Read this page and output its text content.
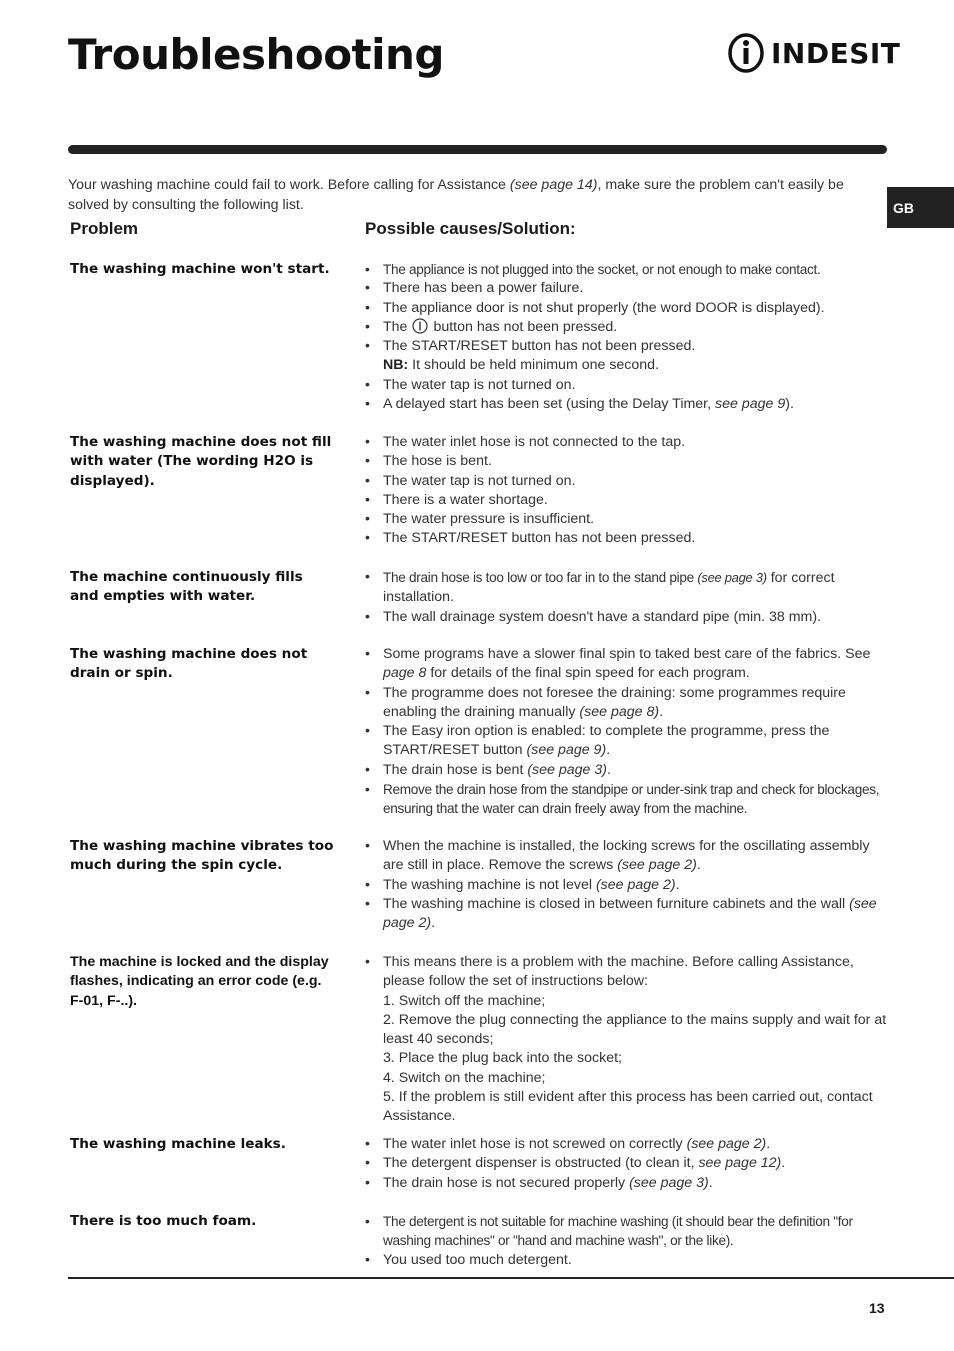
Troubleshooting	INDESIT

Your washing machine could fail to work. Before calling for Assistance (see page 14), make sure the problem can't easily be solved by consulting the following list.	GB
Problem	Possible causes/Solution:

The washing machine won't start.	• The appliance is not plugged into the socket, or not enough to make contact.
• There has been a power failure.
• The appliance door is not shut properly (the word DOOR is displayed).
• The button has not been pressed.
• The START/RESET button has not been pressed.
NB: It should be held minimum one second.
• The water tap is not turned on.
• A delayed start has been set (using the Delay Timer, see page 9).

The washing machine does not fill with water (The wording H2O is displayed).

• The water inlet hose is not connected to the tap.
• The hose is bent.
• The water tap is not turned on.
• There is a water shortage.
• The water pressure is insufficient.
• The START/RESET button has not been pressed.

The machine continuously fills and empties with water.

• The drain hose is too low or too far in to the stand pipe (see page 3) for correct installation.
• The wall drainage system doesn't have a standard pipe (min. 38 mm).

The washing machine does not drain or spin.

• Some programs have a slower final spin to taked best care of the fabrics. See page 8 for details of the final spin speed for each program.
• The programme does not foresee the draining: some programmes require enabling the draining manually (see page 8).
• The Easy iron option is enabled: to complete the programme, press the START/RESET button (see page 9).
• The drain hose is bent (see page 3).
• Remove the drain hose from the standpipe or under-sink trap and check for blockages, ensuring that the water can drain freely away from the machine.

The washing machine vibrates too much during the spin cycle.

• When the machine is installed, the locking screws for the oscillating assembly are still in place. Remove the screws (see page 2).
• The washing machine is not level (see page 2).
• The washing machine is closed in between furniture cabinets and the wall (see page 2).

The machine is locked and the display flashes, indicating an error code (e.g. F-01, F-..).

• This means there is a problem with the machine. Before calling Assistance, please follow the set of instructions below:
1. Switch off the machine;
2. Remove the plug connecting the appliance to the mains supply and wait for at least 40 seconds;
3. Place the plug back into the socket;
4. Switch on the machine;
5. If the problem is still evident after this process has been carried out, contact Assistance.

The washing machine leaks.	• The water inlet hose is not screwed on correctly (see page 2).
• The detergent dispenser is obstructed (to clean it, see page 12).
• The drain hose is not secured properly (see page 3).

There is too much foam.	• The detergent is not suitable for machine washing (it should bear the definition "for washing machines" or "hand and machine wash", or the like).
• You used too much detergent.
13
